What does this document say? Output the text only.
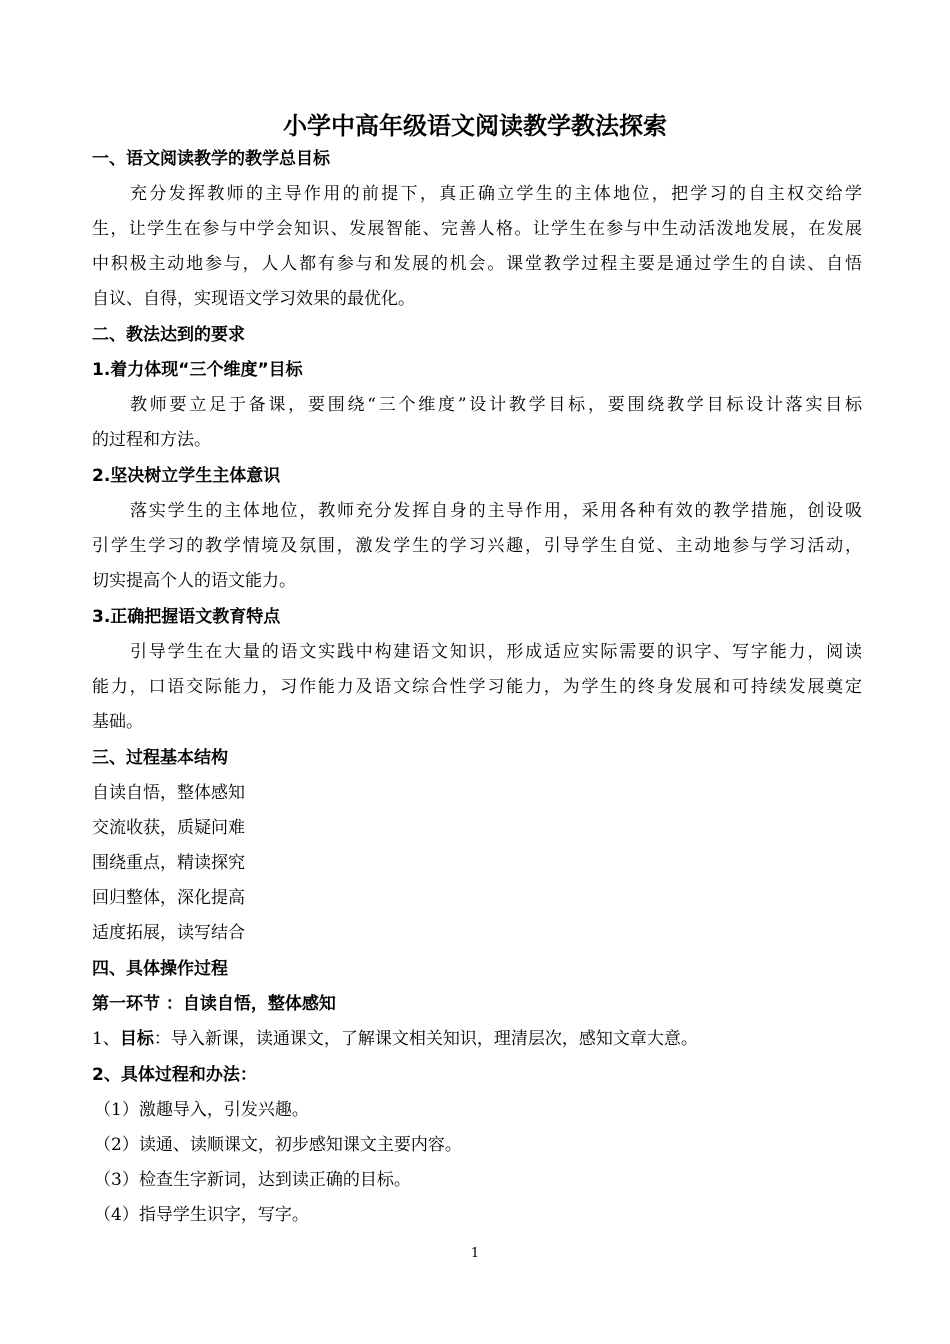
小学中高年级语文阅读教学教法探索
一、语文阅读教学的教学总目标
充分发挥教师的主导作用的前提下，真正确立学生的主体地位，把学习的自主权交给学
生，让学生在参与中学会知识、发展智能、完善人格。让学生在参与中生动活泼地发展，在发展
中积极主动地参与，人人都有参与和发展的机会。课堂教学过程主要是通过学生的自读、自悟
自议、自得，实现语文学习效果的最优化。
二、教法达到的要求
1.着力体现“三个维度”目标
教师要立足于备课，要围绕“三个维度”设计教学目标，要围绕教学目标设计落实目标
的过程和方法。
2.坚决树立学生主体意识
落实学生的主体地位，教师充分发挥自身的主导作用，采用各种有效的教学措施，创设吸
引学生学习的教学情境及氛围，激发学生的学习兴趣，引导学生自觉、主动地参与学习活动，
切实提高个人的语文能力。
3.正确把握语文教育特点
引导学生在大量的语文实践中构建语文知识，形成适应实际需要的识字、写字能力，阅读
能力，口语交际能力，习作能力及语文综合性学习能力，为学生的终身发展和可持续发展奠定
基础。
三、过程基本结构
自读自悟，整体感知
交流收获，质疑问难
围绕重点，精读探究
回归整体，深化提高
适度拓展，读写结合
四、具体操作过程
第一环节 ：自读自悟，整体感知
1、目标：导入新课，读通课文，了解课文相关知识，理清层次，感知文章大意。
2、具体过程和办法：
（1）激趣导入，引发兴趣。
（2）读通、读顺课文，初步感知课文主要内容。
（3）检查生字新词，达到读正确的目标。
（4）指导学生识字，写字。
1
